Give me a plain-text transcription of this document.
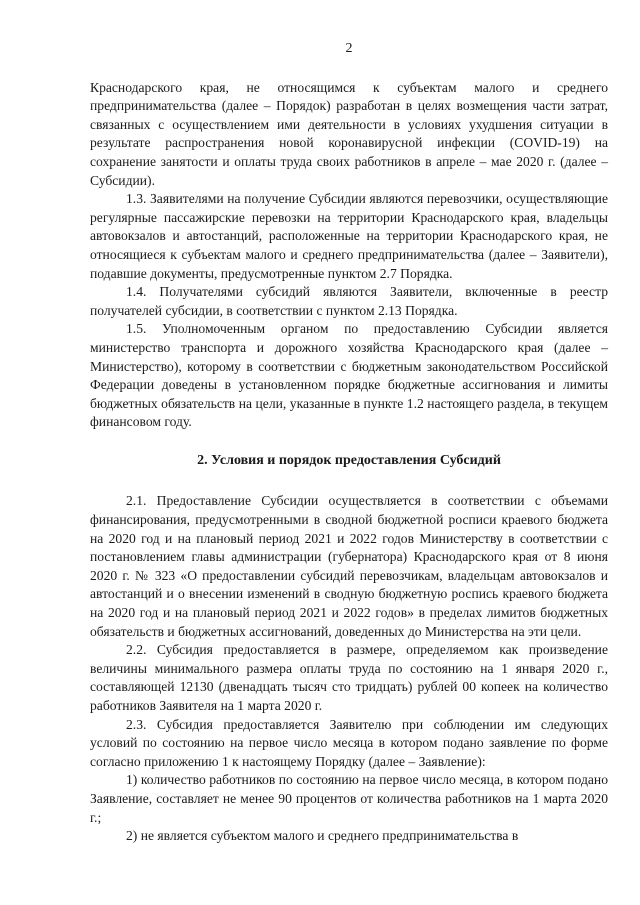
2

Краснодарского края, не относящимся к субъектам малого и среднего предпринимательства (далее – Порядок) разработан в целях возмещения части затрат, связанных с осуществлением ими деятельности в условиях ухудшения ситуации в результате распространения новой коронавирусной инфекции (COVID-19) на сохранение занятости и оплаты труда своих работников в апреле – мае 2020 г. (далее – Субсидии).

1.3. Заявителями на получение Субсидии являются перевозчики, осуществляющие регулярные пассажирские перевозки на территории Краснодарского края, владельцы автовокзалов и автостанций, расположенные на территории Краснодарского края, не относящиеся к субъектам малого и среднего предпринимательства (далее – Заявители), подавшие документы, предусмотренные пунктом 2.7 Порядка.

1.4. Получателями субсидий являются Заявители, включенные в реестр получателей субсидии, в соответствии с пунктом 2.13 Порядка.

1.5. Уполномоченным органом по предоставлению Субсидии является министерство транспорта и дорожного хозяйства Краснодарского края (далее – Министерство), которому в соответствии с бюджетным законодательством Российской Федерации доведены в установленном порядке бюджетные ассигнования и лимиты бюджетных обязательств на цели, указанные в пункте 1.2 настоящего раздела, в текущем финансовом году.

2. Условия и порядок предоставления Субсидий

2.1. Предоставление Субсидии осуществляется в соответствии с объемами финансирования, предусмотренными в сводной бюджетной росписи краевого бюджета на 2020 год и на плановый период 2021 и 2022 годов Министерству в соответствии с постановлением главы администрации (губернатора) Краснодарского края от 8 июня 2020 г. № 323 «О предоставлении субсидий перевозчикам, владельцам автовокзалов и автостанций и о внесении изменений в сводную бюджетную роспись краевого бюджета на 2020 год и на плановый период 2021 и 2022 годов» в пределах лимитов бюджетных обязательств и бюджетных ассигнований, доведенных до Министерства на эти цели.

2.2. Субсидия предоставляется в размере, определяемом как произведение величины минимального размера оплаты труда по состоянию на 1 января 2020 г., составляющей 12130 (двенадцать тысяч сто тридцать) рублей 00 копеек на количество работников Заявителя на 1 марта 2020 г.

2.3. Субсидия предоставляется Заявителю при соблюдении им следующих условий по состоянию на первое число месяца в котором подано заявление по форме согласно приложению 1 к настоящему Порядку (далее – Заявление):

1) количество работников по состоянию на первое число месяца, в котором подано Заявление, составляет не менее 90 процентов от количества работников на 1 марта 2020 г.;

2) не является субъектом малого и среднего предпринимательства в
